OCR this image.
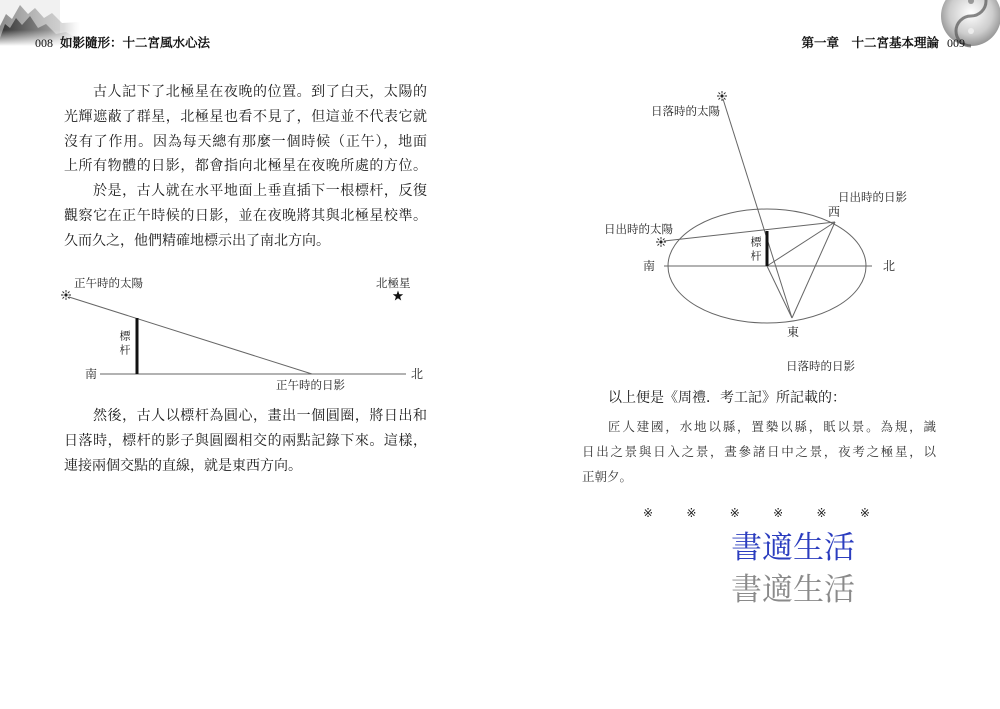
008 如影隨形：十二宮風水心法	第一章　十二宮基本理論 009

古人記下了北極星在夜晚的位置。到了白天，太陽的
光輝遮蔽了群星，北極星也看不見了，但這並不代表它就
沒有了作用。因為每天總有那麼一個時候（正午），地面
上所有物體的日影，都會指向北極星在夜晚所處的方位。

於是，古人就在水平地面上垂直插下一根標杆，反復
觀察它在正午時候的日影，並在夜晚將其與北極星校準。
久而久之，他們精確地標示出了南北方向。

正午時的太陽	北極星
南	北
標杆
正午時的日影

然後，古人以標杆為圓心，畫出一個圓圈，將日出和
日落時，標杆的影子與圓圈相交的兩點記錄下來。這樣，
連接兩個交點的直線，就是東西方向。

日落時的太陽
日出時的太陽
日出時的日影
西
南	北
標杆
東
日落時的日影
以上便是《周禮．考工記》所記載的：
匠人建國，水地以縣，置槷以縣，眂以景。為規，識
日出之景與日入之景，晝參諸日中之景，夜考之極星，以
正朝夕。
※	※	※	※	※	※
書適生活
書適生活
